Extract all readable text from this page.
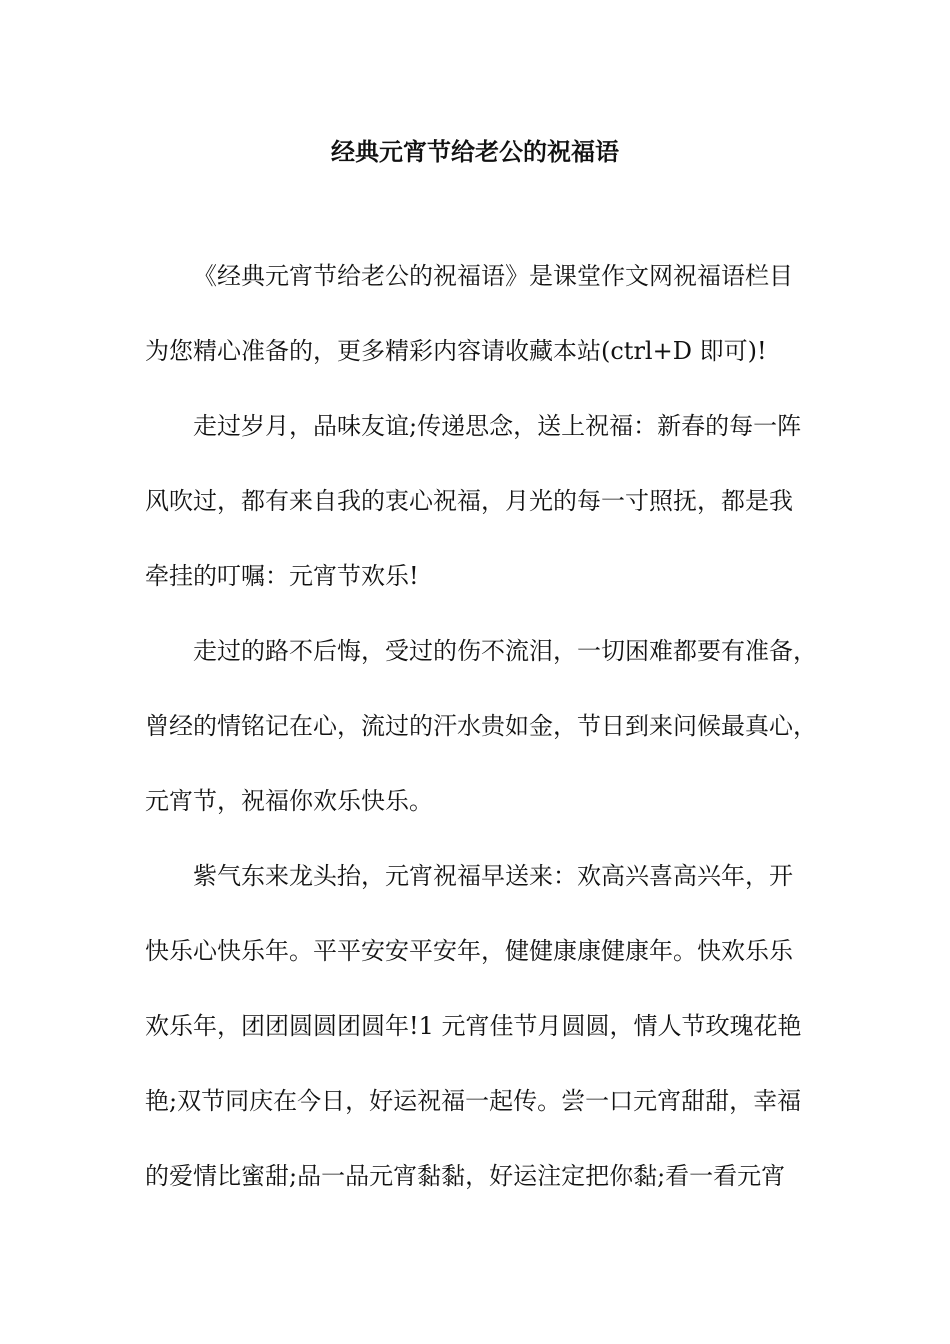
经典元宵节给老公的祝福语
《经典元宵节给老公的祝福语》是课堂作文网祝福语栏目
为您精心准备的，更多精彩内容请收藏本站(ctrl+D 即可)!
走过岁月，品味友谊;传递思念，送上祝福：新春的每一阵
风吹过，都有来自我的衷心祝福，月光的每一寸照抚，都是我
牵挂的叮嘱：元宵节欢乐!
走过的路不后悔，受过的伤不流泪，一切困难都要有准备，
曾经的情铭记在心，流过的汗水贵如金，节日到来问候最真心，
元宵节，祝福你欢乐快乐。
紫气东来龙头抬，元宵祝福早送来：欢高兴喜高兴年，开
快乐心快乐年。平平安安平安年，健健康康健康年。快欢乐乐
欢乐年，团团圆圆团圆年!1 元宵佳节月圆圆，情人节玫瑰花艳
艳;双节同庆在今日，好运祝福一起传。尝一口元宵甜甜，幸福
的爱情比蜜甜;品一品元宵黏黏，好运注定把你黏;看一看元宵
